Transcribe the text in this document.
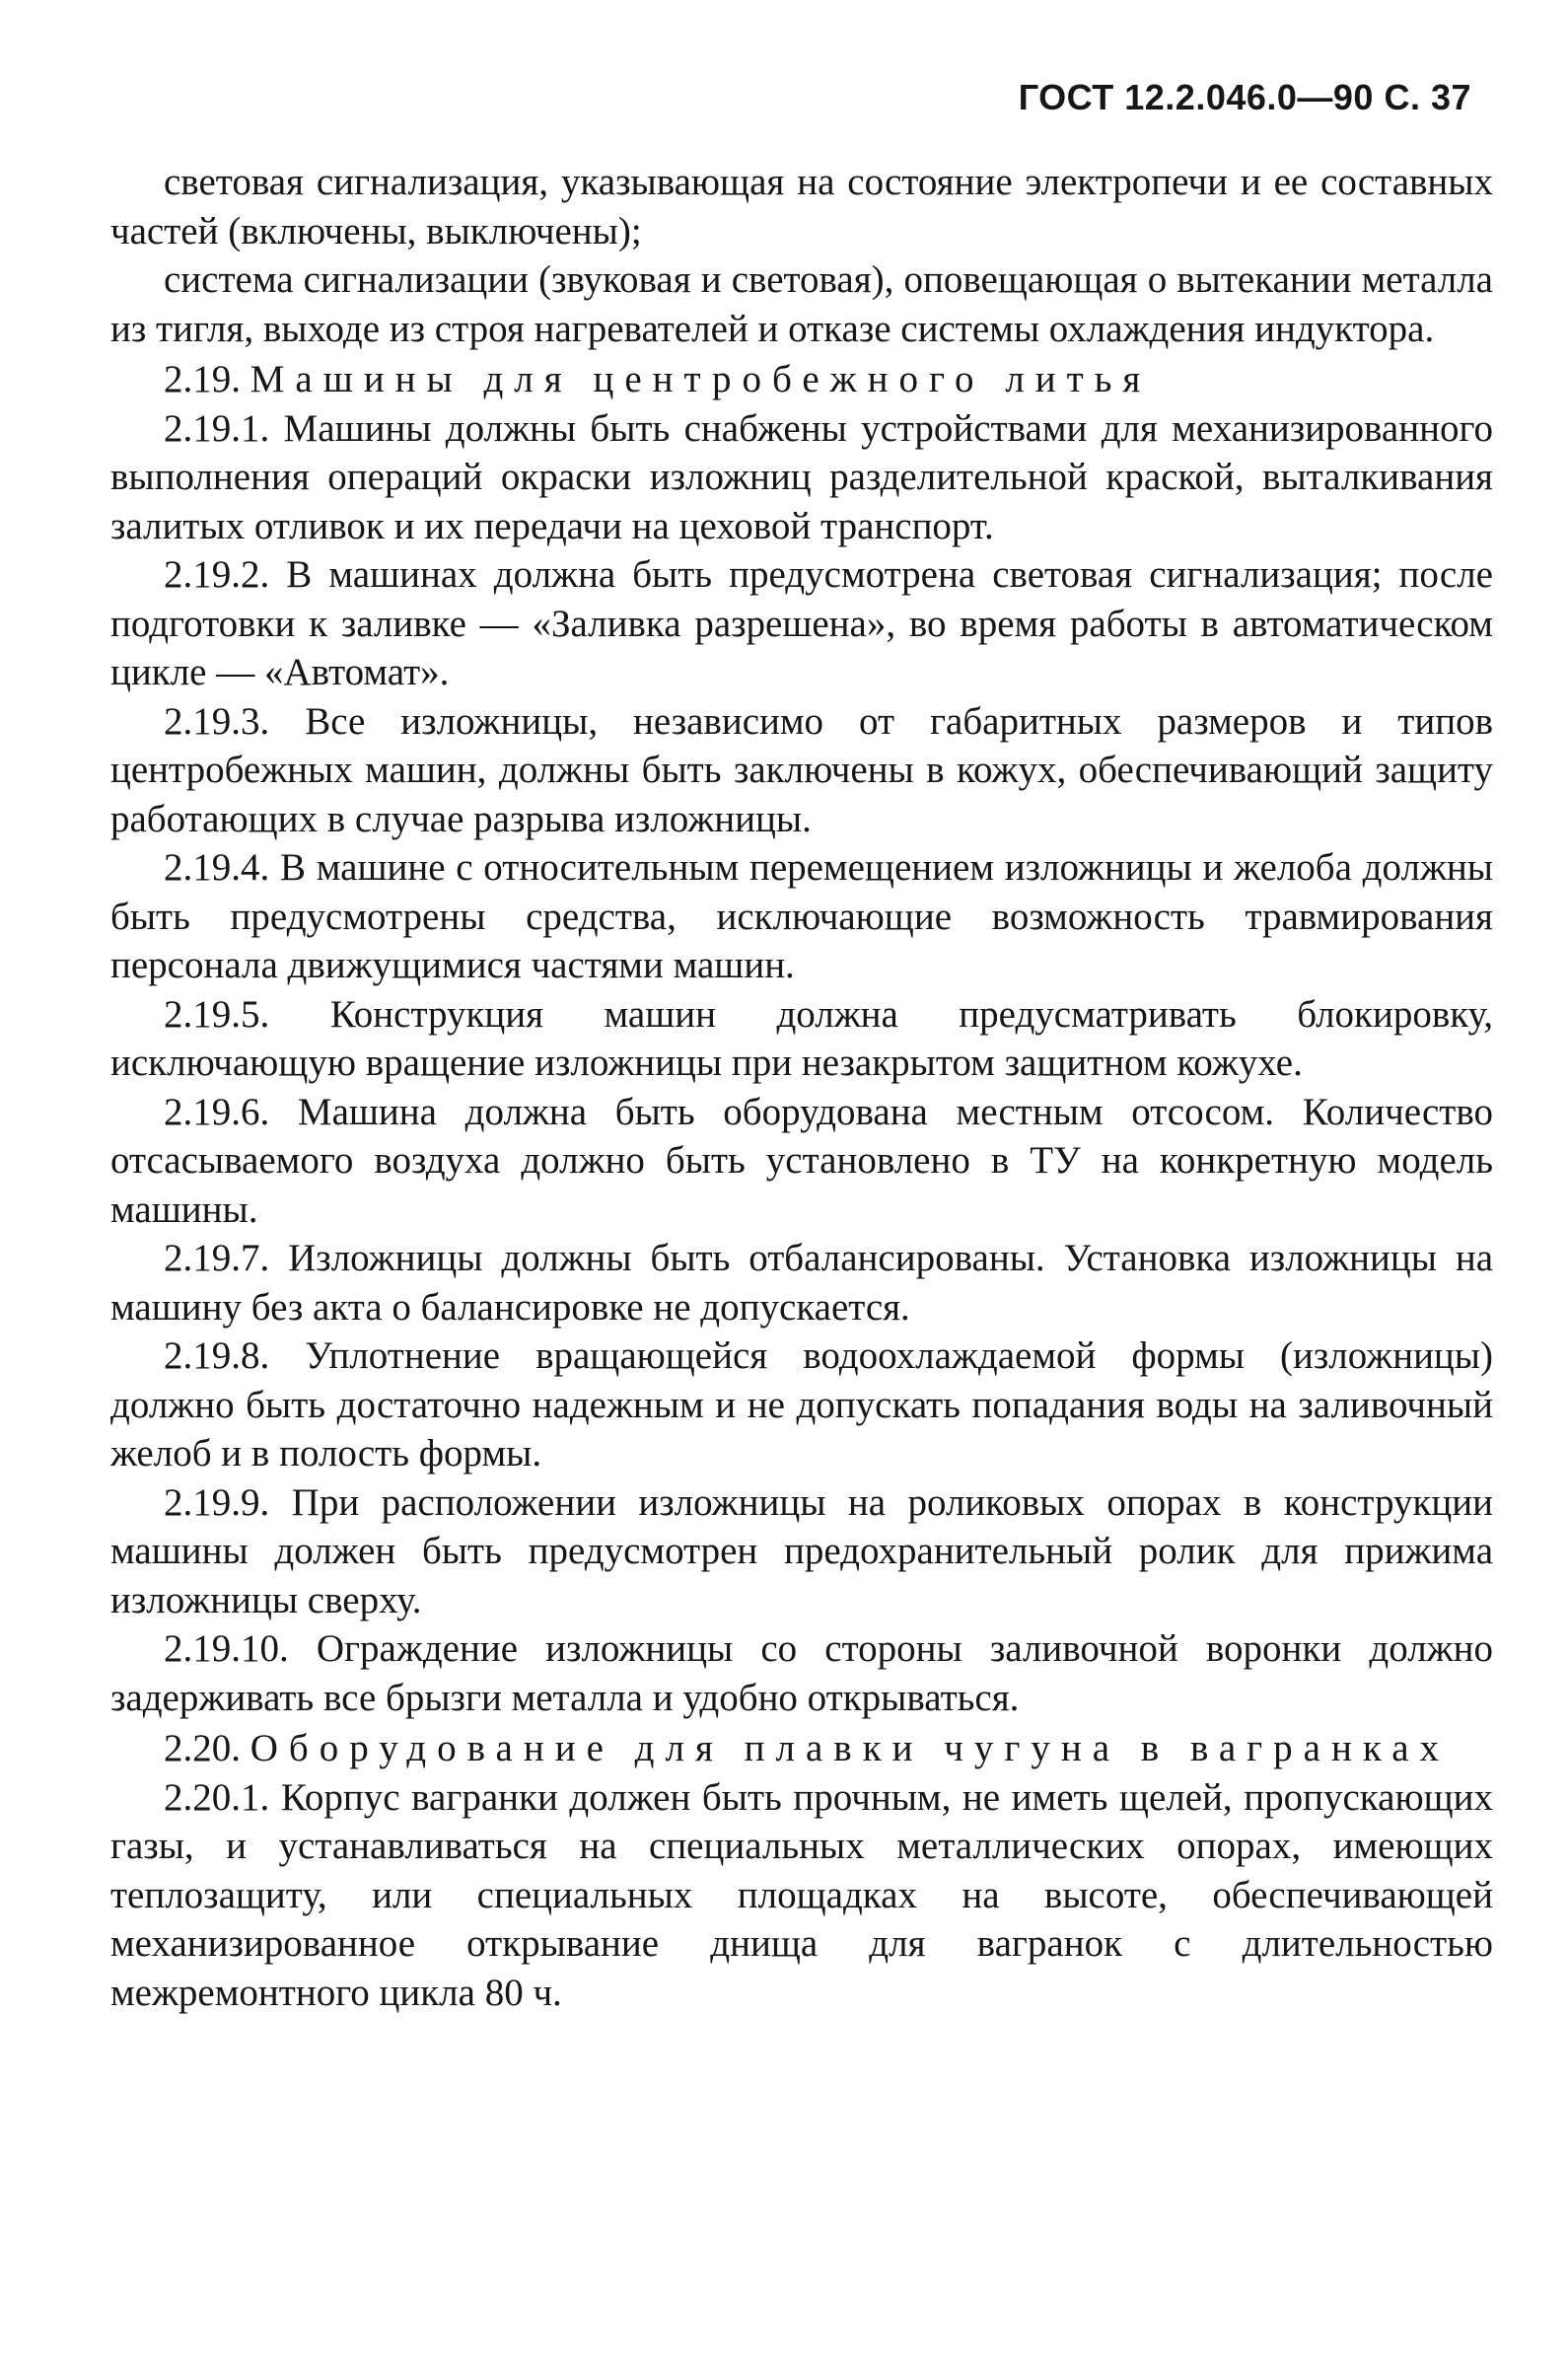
ГОСТ 12.2.046.0—90 С. 37

световая сигнализация, указывающая на состояние электропечи и ее составных частей (включены, выключены);

система сигнализации (звуковая и световая), оповещающая о вытекании металла из тигля, выходе из строя нагревателей и отказе системы охлаждения индуктора.

2.19. Машины для центробежного литья

2.19.1. Машины должны быть снабжены устройствами для механизированного выполнения операций окраски изложниц разделительной краской, выталкивания залитых отливок и их передачи на цеховой транспорт.

2.19.2. В машинах должна быть предусмотрена световая сигнализация; после подготовки к заливке — «Заливка разрешена», во время работы в автоматическом цикле — «Автомат».

2.19.3. Все изложницы, независимо от габаритных размеров и типов центробежных машин, должны быть заключены в кожух, обеспечивающий защиту работающих в случае разрыва изложницы.

2.19.4. В машине с относительным перемещением изложницы и желоба должны быть предусмотрены средства, исключающие возможность травмирования персонала движущимися частями машин.

2.19.5. Конструкция машин должна предусматривать блокировку, исключающую вращение изложницы при незакрытом защитном кожухе.

2.19.6. Машина должна быть оборудована местным отсосом. Количество отсасываемого воздуха должно быть установлено в ТУ на конкретную модель машины.

2.19.7. Изложницы должны быть отбалансированы. Установка изложницы на машину без акта о балансировке не допускается.

2.19.8. Уплотнение вращающейся водоохлаждаемой формы (изложницы) должно быть достаточно надежным и не допускать попадания воды на заливочный желоб и в полость формы.

2.19.9. При расположении изложницы на роликовых опорах в конструкции машины должен быть предусмотрен предохранительный ролик для прижима изложницы сверху.

2.19.10. Ограждение изложницы со стороны заливочной воронки должно задерживать все брызги металла и удобно открываться.

2.20. Оборудование для плавки чугуна в вагранках

2.20.1. Корпус вагранки должен быть прочным, не иметь щелей, пропускающих газы, и устанавливаться на специальных металлических опорах, имеющих теплозащиту, или специальных площадках на высоте, обеспечивающей механизированное открывание днища для вагранок с длительностью межремонтного цикла 80 ч.
